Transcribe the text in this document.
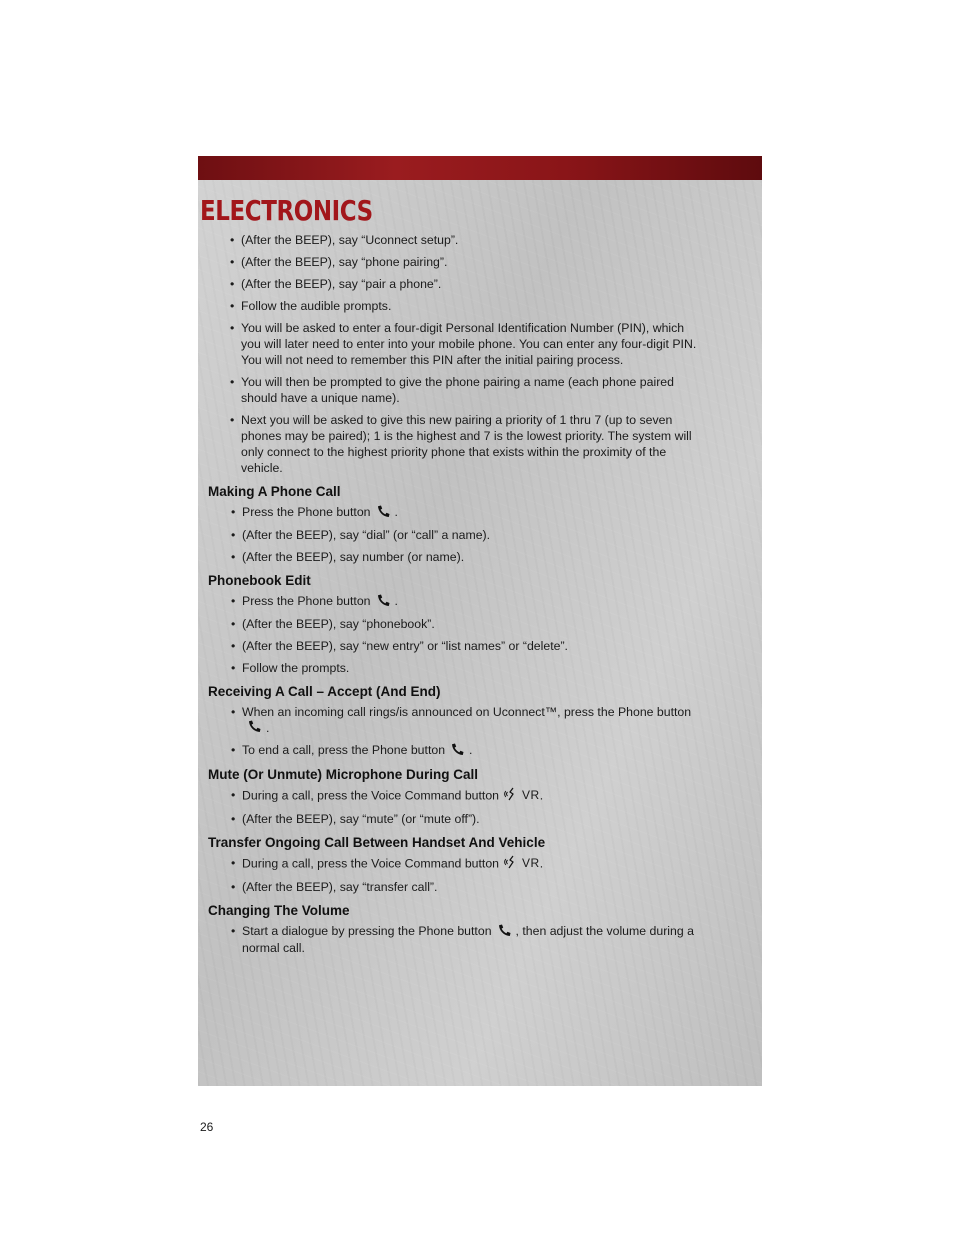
ELECTRONICS
• (After the BEEP), say “Uconnect setup”.
• (After the BEEP), say “phone pairing”.
• (After the BEEP), say “pair a phone”.
• Follow the audible prompts.
• You will be asked to enter a four-digit Personal Identification Number (PIN), which you will later need to enter into your mobile phone. You can enter any four-digit PIN. You will not need to remember this PIN after the initial pairing process.
• You will then be prompted to give the phone pairing a name (each phone paired should have a unique name).
• Next you will be asked to give this new pairing a priority of 1 thru 7 (up to seven phones may be paired); 1 is the highest and 7 is the lowest priority. The system will only connect to the highest priority phone that exists within the proximity of the vehicle.
Making A Phone Call
• Press the Phone button .
• (After the BEEP), say “dial” (or “call” a name).
• (After the BEEP), say number (or name).
Phonebook Edit
• Press the Phone button .
• (After the BEEP), say “phonebook”.
• (After the BEEP), say “new entry” or “list names” or “delete”.
• Follow the prompts.
Receiving A Call – Accept (And End)
• When an incoming call rings/is announced on Uconnect™, press the Phone button.
• To end a call, press the Phone button .
Mute (Or Unmute) Microphone During Call
• During a call, press the Voice Command button VR.
• (After the BEEP), say “mute” (or “mute off”).
Transfer Ongoing Call Between Handset And Vehicle
• During a call, press the Voice Command button VR.
• (After the BEEP), say “transfer call”.
Changing The Volume
• Start a dialogue by pressing the Phone button , then adjust the volume during a normal call.
26
